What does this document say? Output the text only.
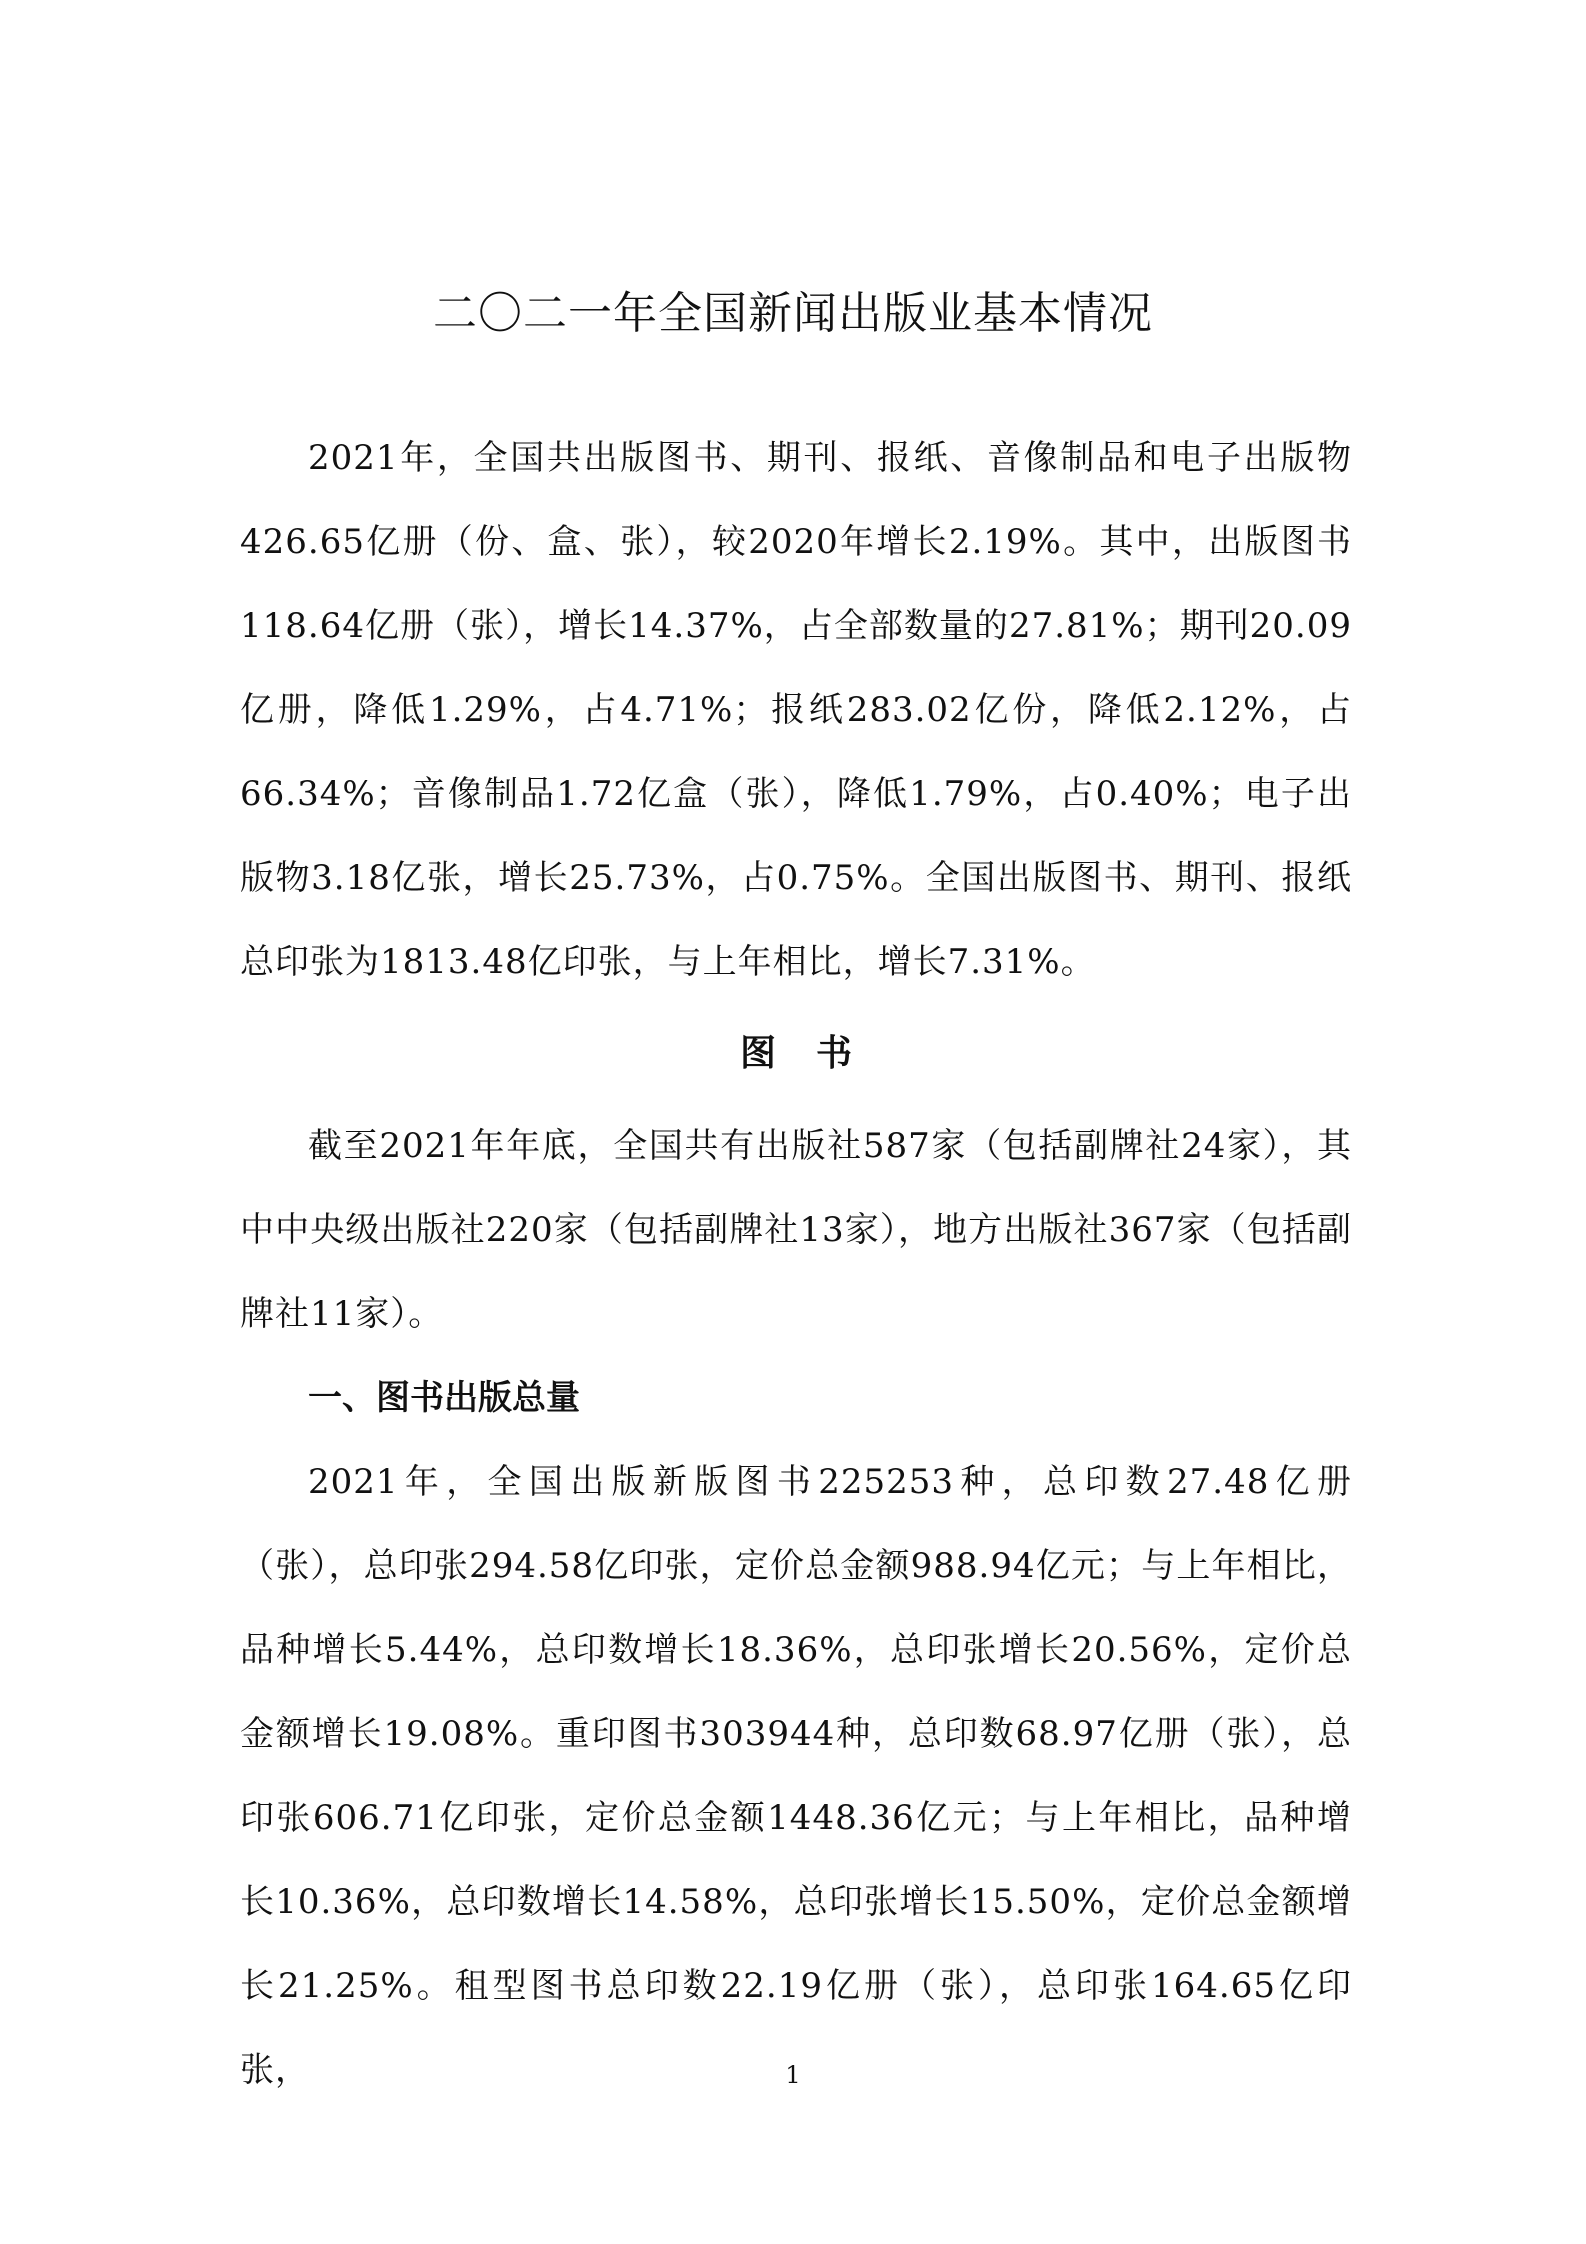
二〇二一年全国新闻出版业基本情况

2021年，全国共出版图书、期刊、报纸、音像制品和电子出版物426.65亿册（份、盒、张），较2020年增长2.19%。其中，出版图书118.64亿册（张），增长14.37%，占全部数量的27.81%；期刊20.09亿册，降低1.29%，占4.71%；报纸283.02亿份，降低2.12%，占66.34%；音像制品1.72亿盒（张），降低1.79%，占0.40%；电子出版物3.18亿张，增长25.73%，占0.75%。全国出版图书、期刊、报纸总印张为1813.48亿印张，与上年相比，增长7.31%。

图书

截至2021年年底，全国共有出版社587家（包括副牌社24家），其中中央级出版社220家（包括副牌社13家），地方出版社367家（包括副牌社11家）。

一、图书出版总量

2021年，全国出版新版图书225253种，总印数27.48亿册（张），总印张294.58亿印张，定价总金额988.94亿元；与上年相比，品种增长5.44%，总印数增长18.36%，总印张增长20.56%，定价总金额增长19.08%。重印图书303944种，总印数68.97亿册（张），总印张606.71亿印张，定价总金额1448.36亿元；与上年相比，品种增长10.36%，总印数增长14.58%，总印张增长15.50%，定价总金额增长21.25%。租型图书总印数22.19亿册（张），总印张164.65亿印张，	1
